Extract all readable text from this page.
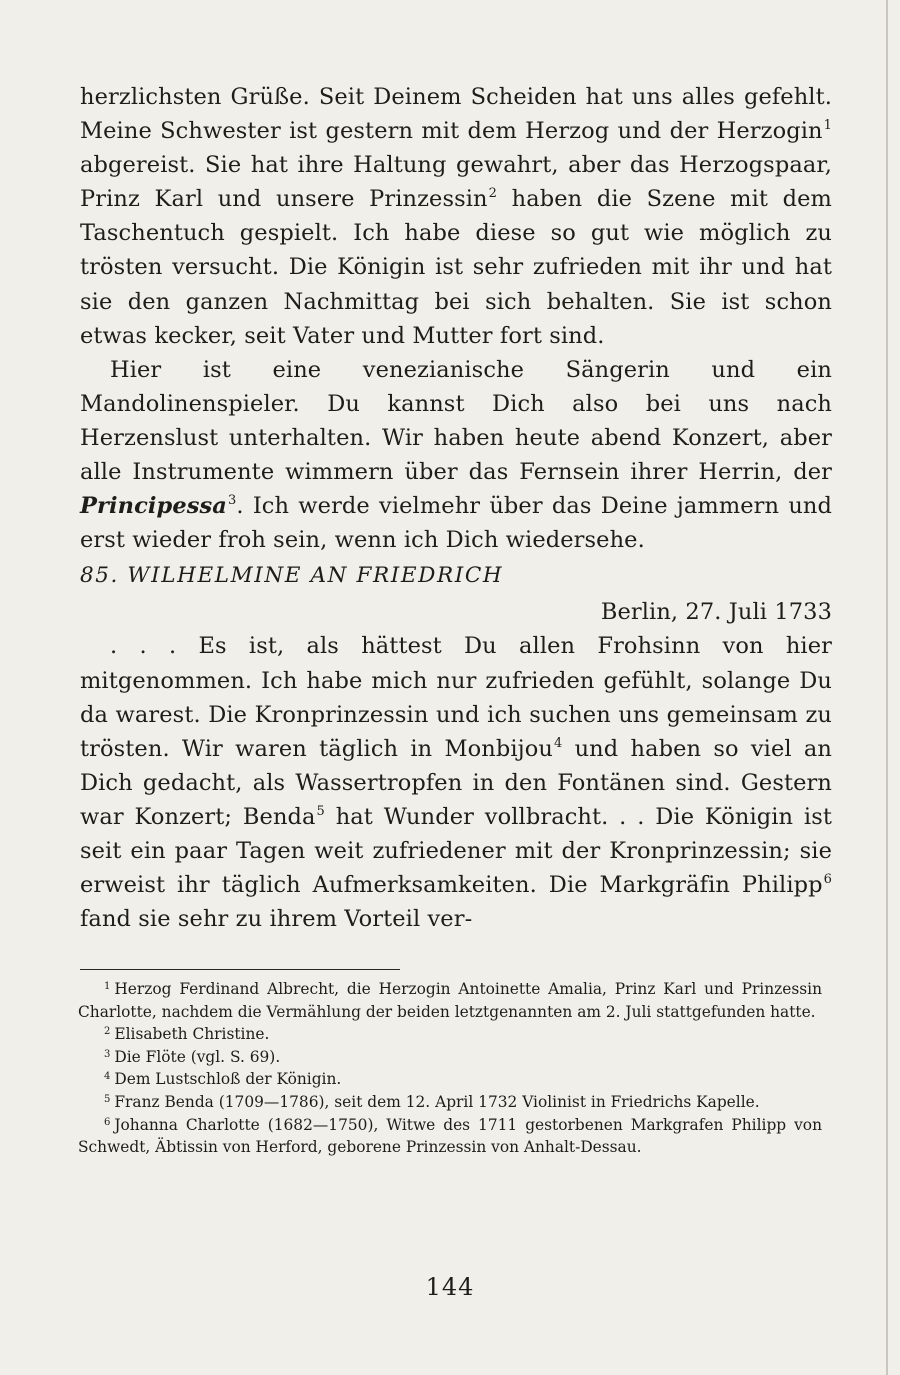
herzlichsten Grüße. Seit Deinem Scheiden hat uns alles gefehlt. Meine Schwester ist gestern mit dem Herzog und der Herzogin$^1$ abgereist. Sie hat ihre Haltung gewahrt, aber das Herzogspaar, Prinz Karl und unsere Prinzessin$^2$ haben die Szene mit dem Taschentuch gespielt. Ich habe diese so gut wie möglich zu trösten versucht. Die Königin ist sehr zufrieden mit ihr und hat sie den ganzen Nachmittag bei sich behalten. Sie ist schon etwas kecker, seit Vater und Mutter fort sind.

Hier ist eine venezianische Sängerin und ein Mandolinenspieler. Du kannst Dich also bei uns nach Herzenslust unterhalten. Wir haben heute abend Konzert, aber alle Instrumente wimmern über das Fernsein ihrer Herrin, der Principessa$^3$. Ich werde vielmehr über das Deine jammern und erst wieder froh sein, wenn ich Dich wiedersehe.

85. WILHELMINE AN FRIEDRICH

Berlin, 27. Juli 1733

. . . Es ist, als hättest Du allen Frohsinn von hier mitgenommen. Ich habe mich nur zufrieden gefühlt, solange Du da warest. Die Kronprinzessin und ich suchen uns gemeinsam zu trösten. Wir waren täglich in Monbijou$^4$ und haben so viel an Dich gedacht, als Wassertropfen in den Fontänen sind. Gestern war Konzert; Benda$^5$ hat Wunder vollbracht. . . Die Königin ist seit ein paar Tagen weit zufriedener mit der Kronprinzessin; sie erweist ihr täglich Aufmerksamkeiten. Die Markgräfin Philipp$^6$ fand sie sehr zu ihrem Vorteil ver-

$^1$ Herzog Ferdinand Albrecht, die Herzogin Antoinette Amalia, Prinz Karl und Prinzessin Charlotte, nachdem die Vermählung der beiden letztgenannten am 2. Juli stattgefunden hatte.

$^2$ Elisabeth Christine.

$^3$ Die Flöte (vgl. S. 69).

$^4$ Dem Lustschloß der Königin.

$^5$ Franz Benda (1709—1786), seit dem 12. April 1732 Violinist in Friedrichs Kapelle.

$^6$ Johanna Charlotte (1682—1750), Witwe des 1711 gestorbenen Markgrafen Philipp von Schwedt, Äbtissin von Herford, geborene Prinzessin von Anhalt-Dessau.

144
